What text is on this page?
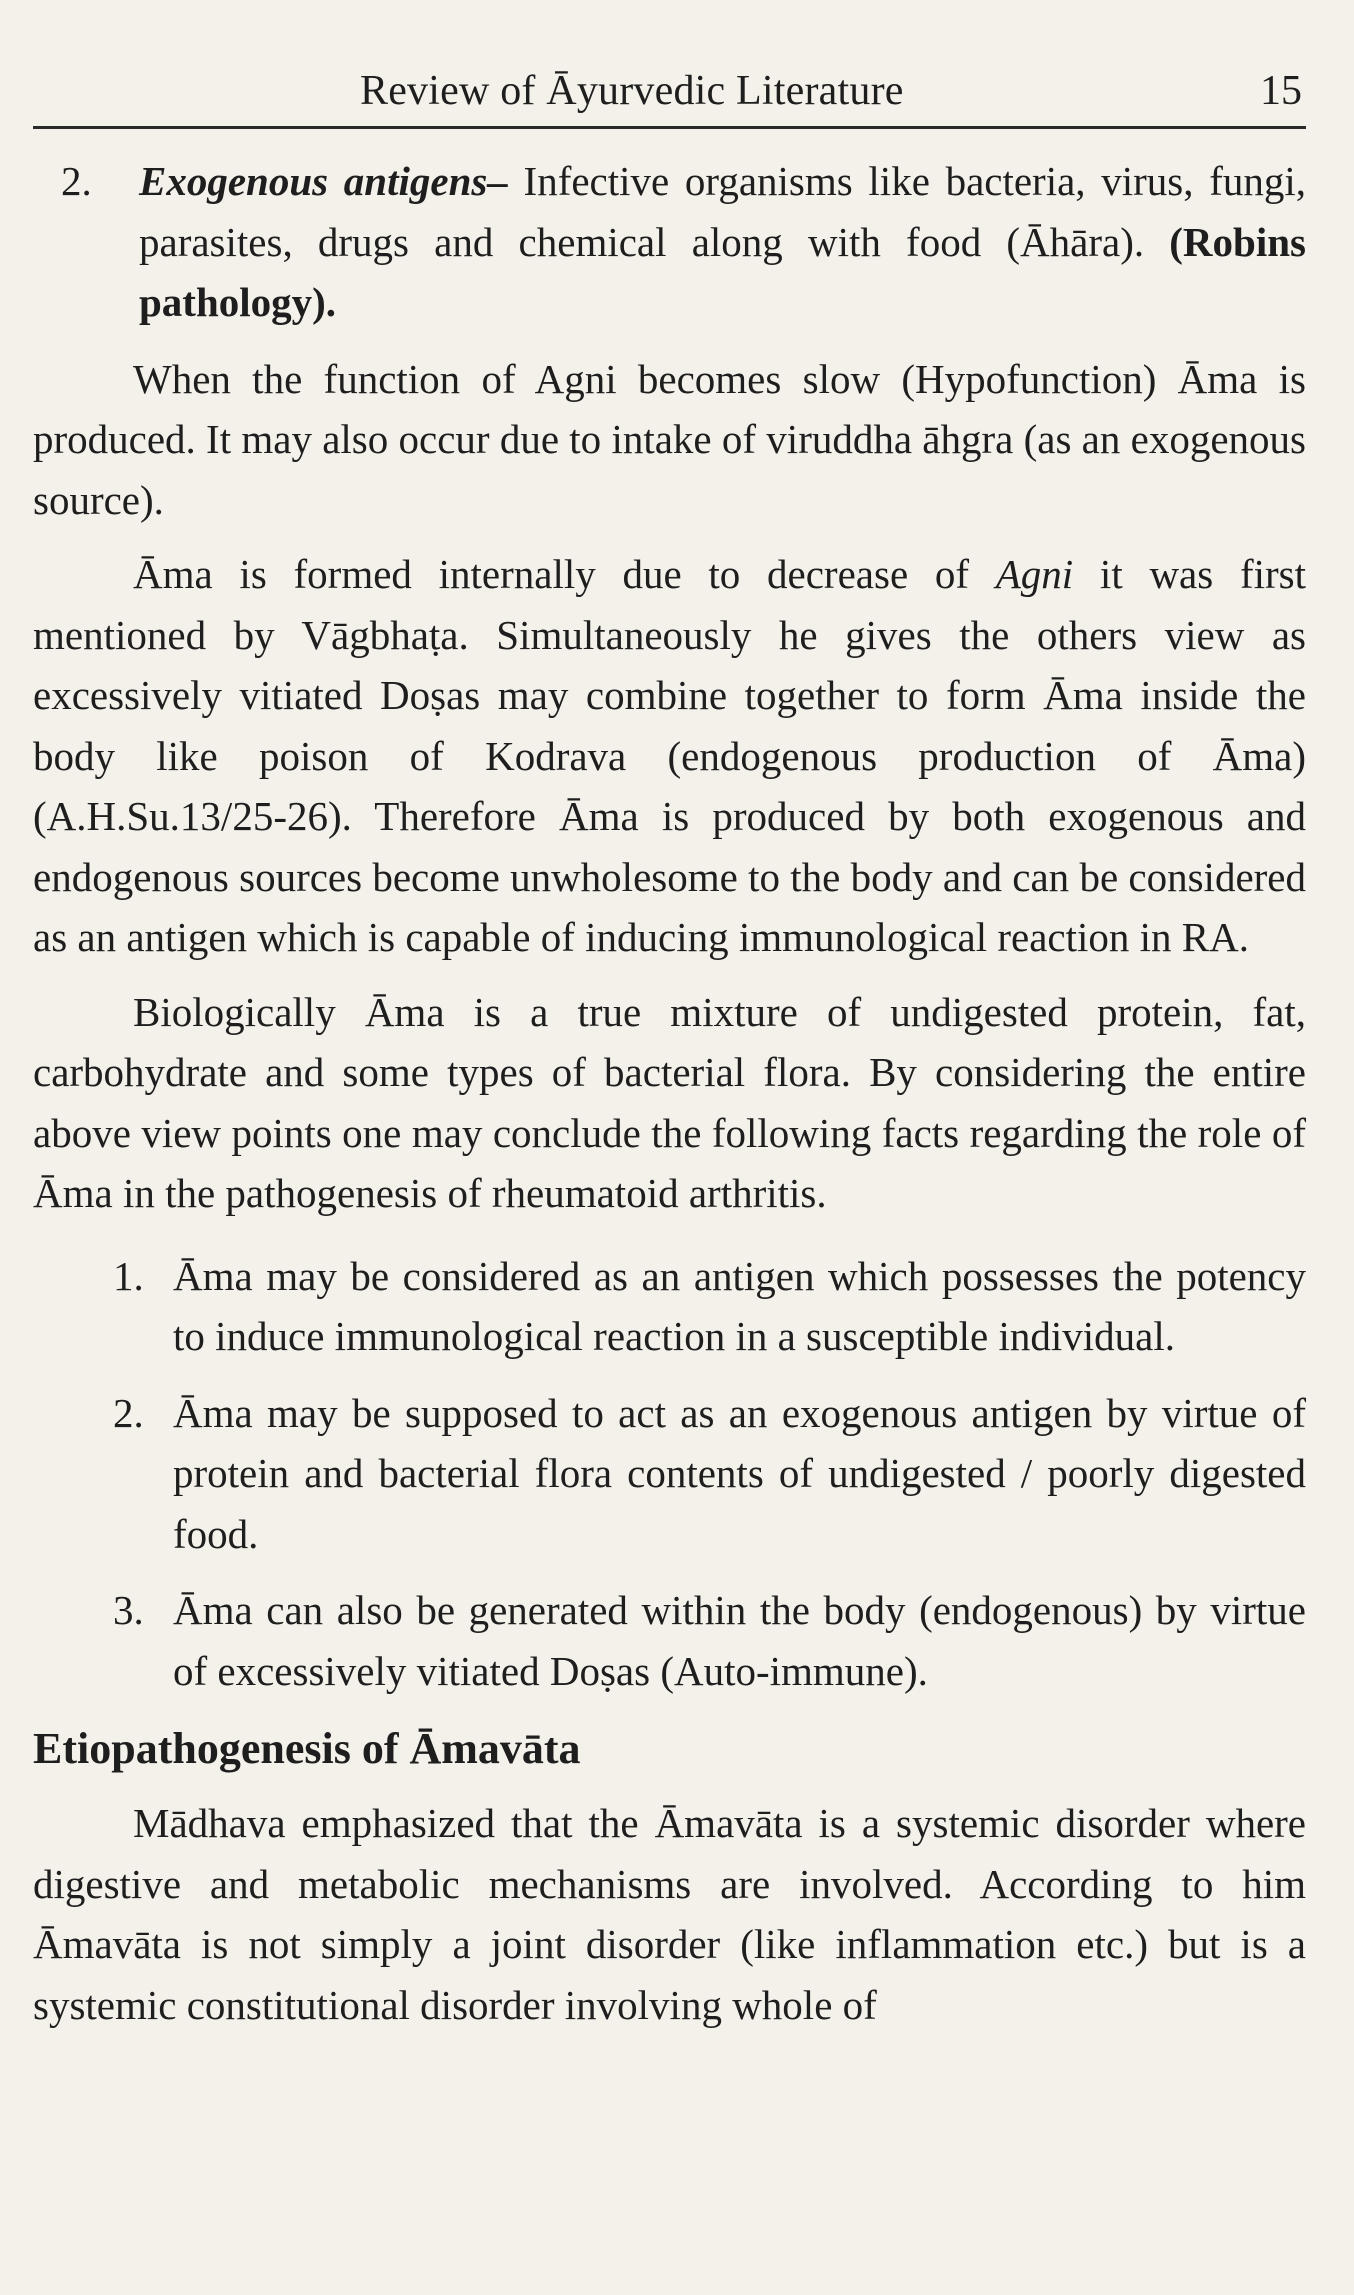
Review of Āyurvedic Literature	15
2.	Exogenous antigens– Infective organisms like bacteria, virus, fungi, parasites, drugs and chemical along with food (Āhāra). (Robins pathology).

When the function of Agni becomes slow (Hypofunction) Āma is produced. It may also occur due to intake of viruddha āhgra (as an exogenous source).

Āma is formed internally due to decrease of Agni it was first mentioned by Vāgbhaṭa. Simultaneously he gives the others view as excessively vitiated Doṣas may combine together to form Āma inside the body like poison of Kodrava (endogenous production of Āma) (A.H.Su.13/25-26). Therefore Āma is produced by both exogenous and endogenous sources become unwholesome to the body and can be considered as an antigen which is capable of inducing immunological reaction in RA.

Biologically Āma is a true mixture of undigested protein, fat, carbohydrate and some types of bacterial flora. By considering the entire above view points one may conclude the following facts regarding the role of Āma in the pathogenesis of rheumatoid arthritis.

1. Āma may be considered as an antigen which possesses the potency to induce immunological reaction in a susceptible individual.
2. Āma may be supposed to act as an exogenous antigen by virtue of protein and bacterial flora contents of undigested / poorly digested food.
3. Āma can also be generated within the body (endogenous) by virtue of excessively vitiated Doṣas (Auto-immune).
Etiopathogenesis of Āmavāta

Mādhava emphasized that the Āmavāta is a systemic disorder where digestive and metabolic mechanisms are involved. According to him Āmavāta is not simply a joint disorder (like inflammation etc.) but is a systemic constitutional disorder involving whole of
